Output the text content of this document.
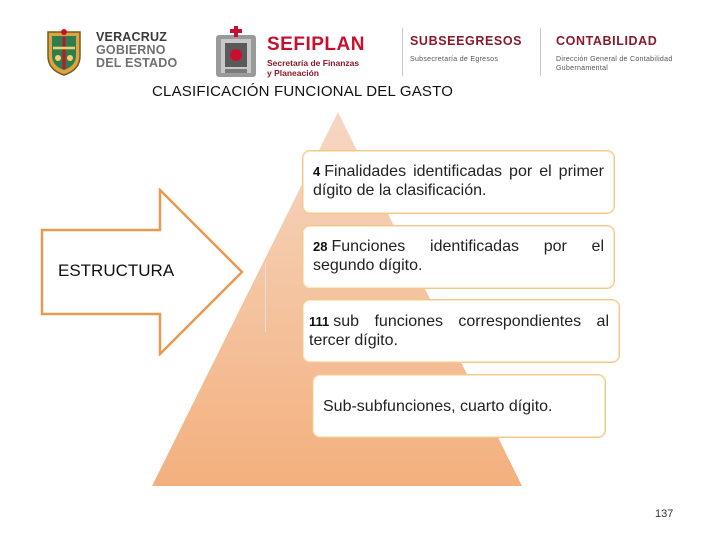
VERACRUZ
GOBIERNO
DEL ESTADO
SEFIPLAN
Secretaría de Finanzas
y Planeación
SUBSEEGRESOS
Subsecretaría de Egresos
CONTABILIDAD
Dirección General de Contabilidad
Gubernamental
CLASIFICACIÓN FUNCIONAL DEL GASTO
ESTRUCTURA
4 Finalidades identificadas por el primer dígito de la clasificación.
28 Funciones identificadas por el segundo dígito.
111 sub funciones correspondientes al tercer dígito.
Sub-subfunciones, cuarto dígito.
137
